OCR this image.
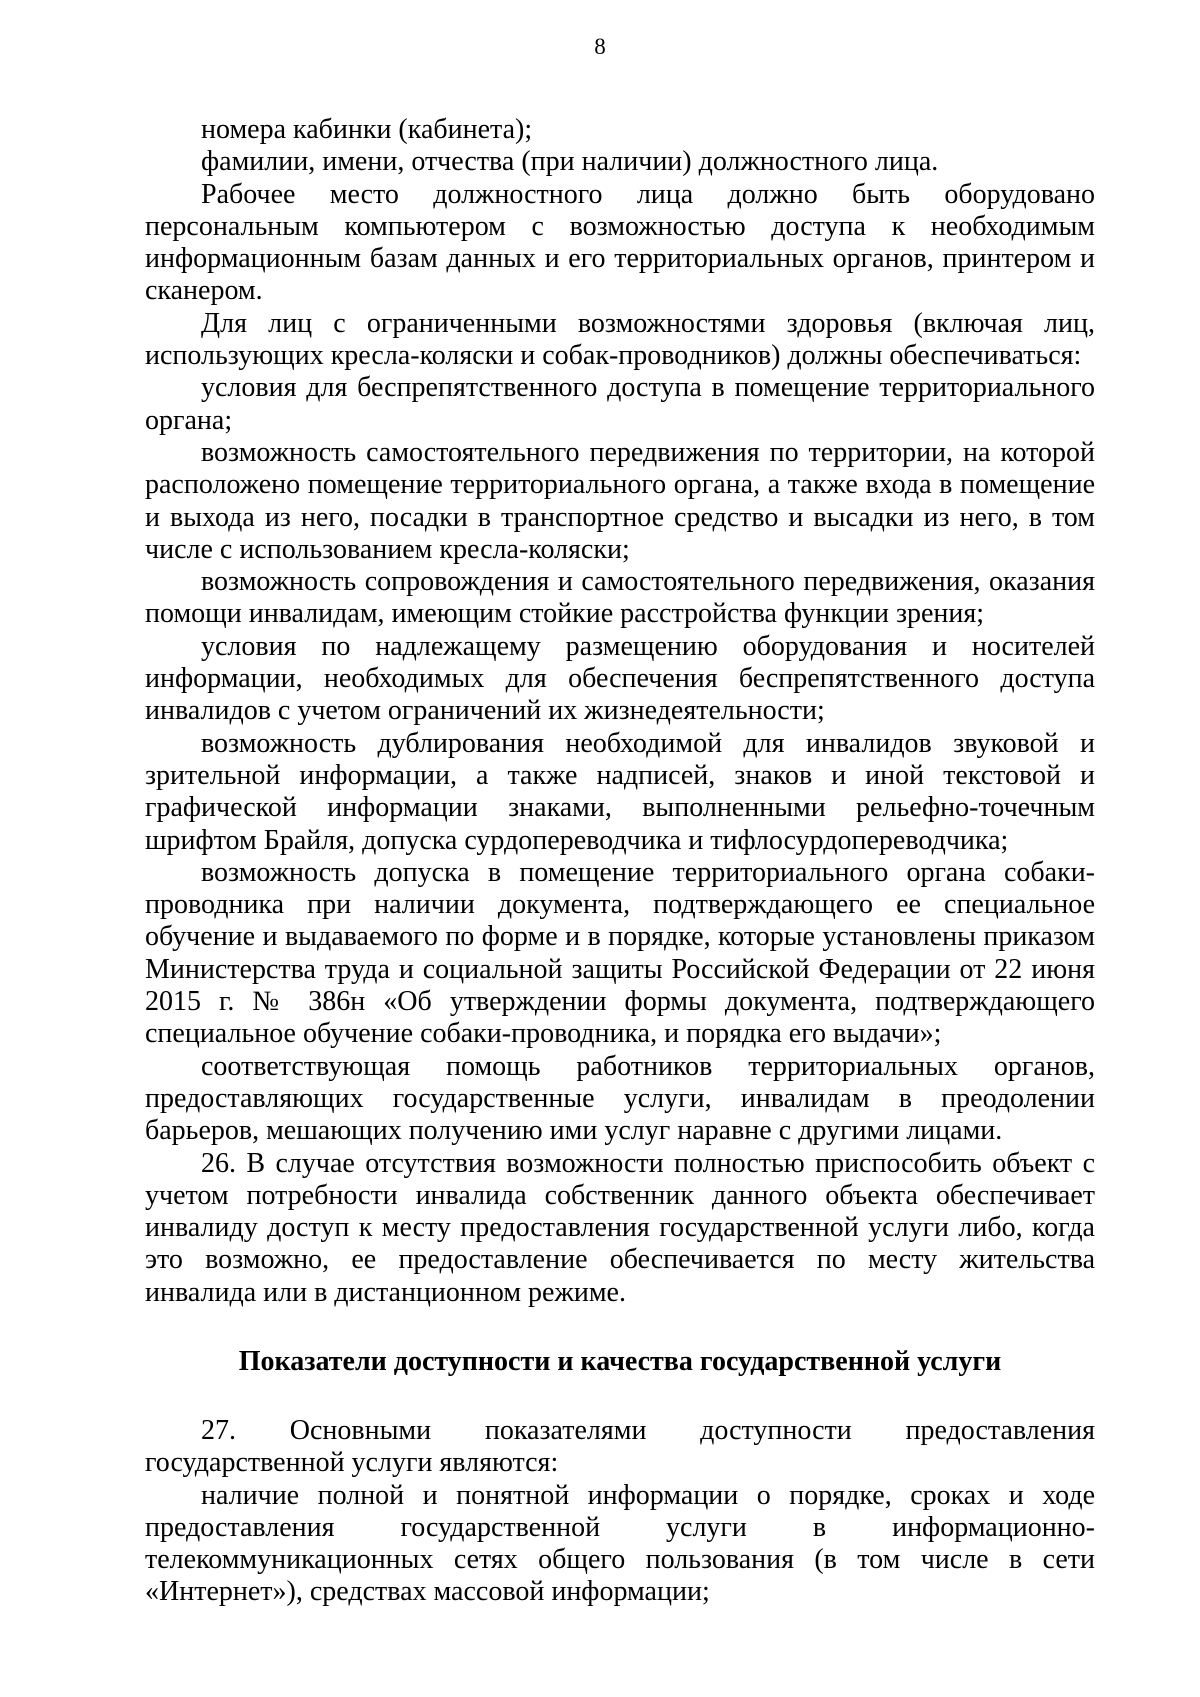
8

номера кабинки (кабинета);

фамилии, имени, отчества (при наличии) должностного лица.

Рабочее место должностного лица должно быть оборудовано персональным компьютером с возможностью доступа к необходимым информационным базам данных и его территориальных органов, принтером и сканером.

Для лиц с ограниченными возможностями здоровья (включая лиц, использующих кресла-коляски и собак-проводников) должны обеспечиваться:

условия для беспрепятственного доступа в помещение территориального органа;

возможность самостоятельного передвижения по территории, на которой расположено помещение территориального органа, а также входа в помещение и выхода из него, посадки в транспортное средство и высадки из него, в том числе с использованием кресла-коляски;

возможность сопровождения и самостоятельного передвижения, оказания помощи инвалидам, имеющим стойкие расстройства функции зрения;

условия по надлежащему размещению оборудования и носителей информации, необходимых для обеспечения беспрепятственного доступа инвалидов с учетом ограничений их жизнедеятельности;

возможность дублирования необходимой для инвалидов звуковой и зрительной информации, а также надписей, знаков и иной текстовой и графической информации знаками, выполненными рельефно-точечным шрифтом Брайля, допуска сурдопереводчика и тифлосурдопереводчика;

возможность допуска в помещение территориального органа собаки-проводника при наличии документа, подтверждающего ее специальное обучение и выдаваемого по форме и в порядке, которые установлены приказом Министерства труда и социальной защиты Российской Федерации от 22 июня 2015 г. № 386н «Об утверждении формы документа, подтверждающего специальное обучение собаки-проводника, и порядка его выдачи»;

соответствующая помощь работников территориальных органов, предоставляющих государственные услуги, инвалидам в преодолении барьеров, мешающих получению ими услуг наравне с другими лицами.

26. В случае отсутствия возможности полностью приспособить объект с учетом потребности инвалида собственник данного объекта обеспечивает инвалиду доступ к месту предоставления государственной услуги либо, когда это возможно, ее предоставление обеспечивается по месту жительства инвалида или в дистанционном режиме.

Показатели доступности и качества государственной услуги

27. Основными показателями доступности предоставления государственной услуги являются:

наличие полной и понятной информации о порядке, сроках и ходе предоставления государственной услуги в информационно-телекоммуникационных сетях общего пользования (в том числе в сети «Интернет»), средствах массовой информации;
